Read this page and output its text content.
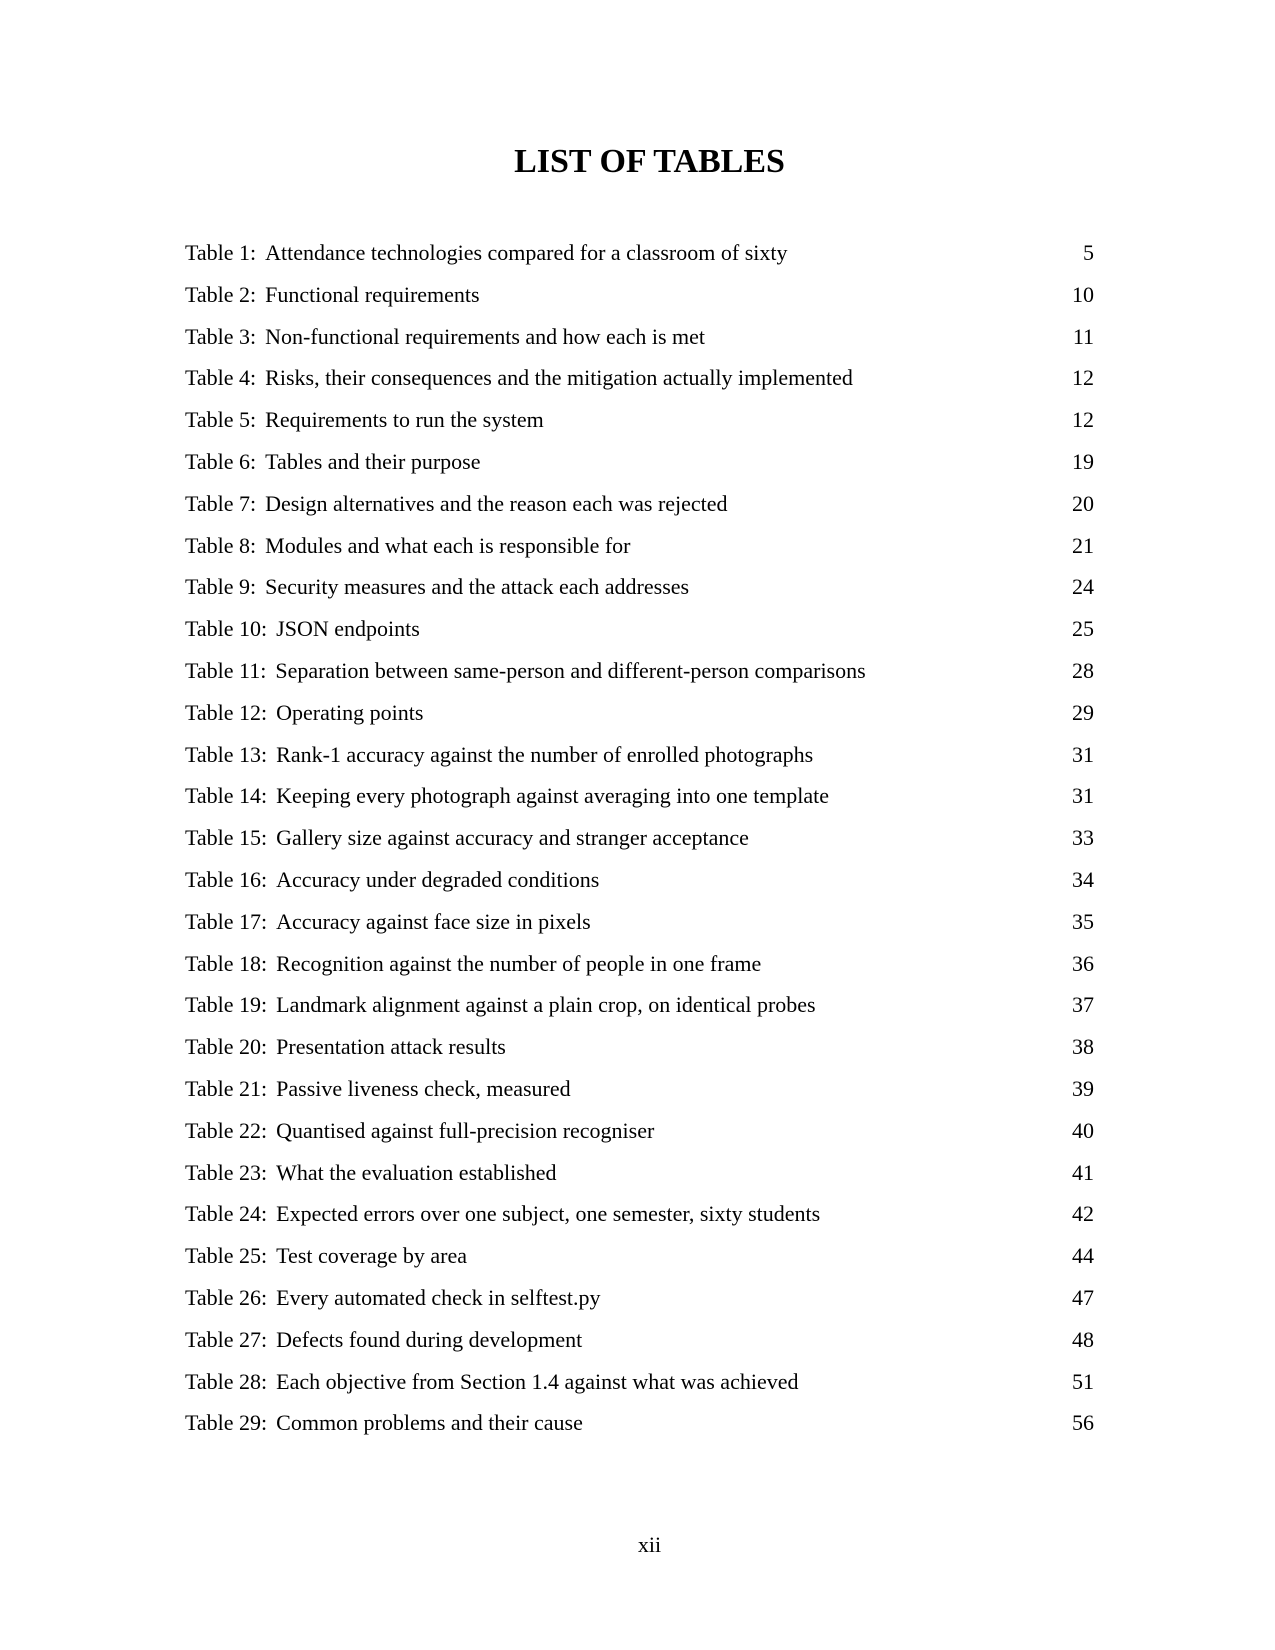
LIST OF TABLES
Table 1: Attendance technologies compared for a classroom of sixty	5
Table 2: Functional requirements	10
Table 3: Non-functional requirements and how each is met	11
Table 4: Risks, their consequences and the mitigation actually implemented	12
Table 5: Requirements to run the system	12
Table 6: Tables and their purpose	19
Table 7: Design alternatives and the reason each was rejected	20
Table 8: Modules and what each is responsible for	21
Table 9: Security measures and the attack each addresses	24
Table 10: JSON endpoints	25
Table 11: Separation between same-person and different-person comparisons	28
Table 12: Operating points	29
Table 13: Rank-1 accuracy against the number of enrolled photographs	31
Table 14: Keeping every photograph against averaging into one template	31
Table 15: Gallery size against accuracy and stranger acceptance	33
Table 16: Accuracy under degraded conditions	34
Table 17: Accuracy against face size in pixels	35
Table 18: Recognition against the number of people in one frame	36
Table 19: Landmark alignment against a plain crop, on identical probes	37
Table 20: Presentation attack results	38
Table 21: Passive liveness check, measured	39
Table 22: Quantised against full-precision recogniser	40
Table 23: What the evaluation established	41
Table 24: Expected errors over one subject, one semester, sixty students	42
Table 25: Test coverage by area	44
Table 26: Every automated check in selftest.py	47
Table 27: Defects found during development	48
Table 28: Each objective from Section 1.4 against what was achieved	51
Table 29: Common problems and their cause	56
xii
